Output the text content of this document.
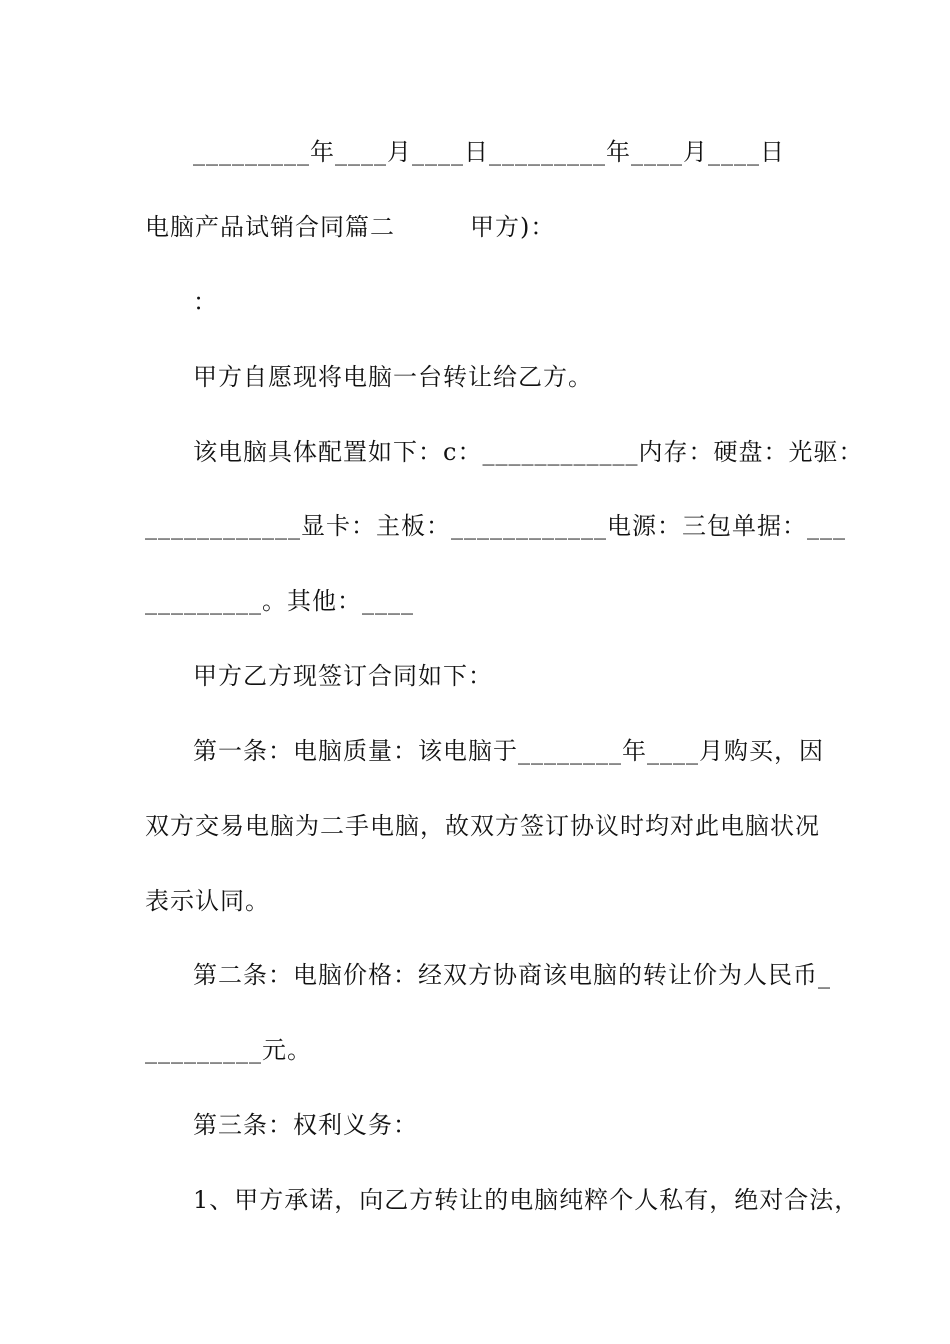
_________年____月____日_________年____月____日
电脑产品试销合同篇二　　　甲方)：
：
甲方自愿现将电脑一台转让给乙方。
该电脑具体配置如下：c：____________内存：硬盘：光驱：
____________显卡：主板：____________电源：三包单据：___
_________。其他：____
甲方乙方现签订合同如下：
第一条：电脑质量：该电脑于________年____月购买，因
双方交易电脑为二手电脑，故双方签订协议时均对此电脑状况
表示认同。
第二条：电脑价格：经双方协商该电脑的转让价为人民币_
_________元。
第三条：权利义务：
1、甲方承诺，向乙方转让的电脑纯粹个人私有，绝对合法，
